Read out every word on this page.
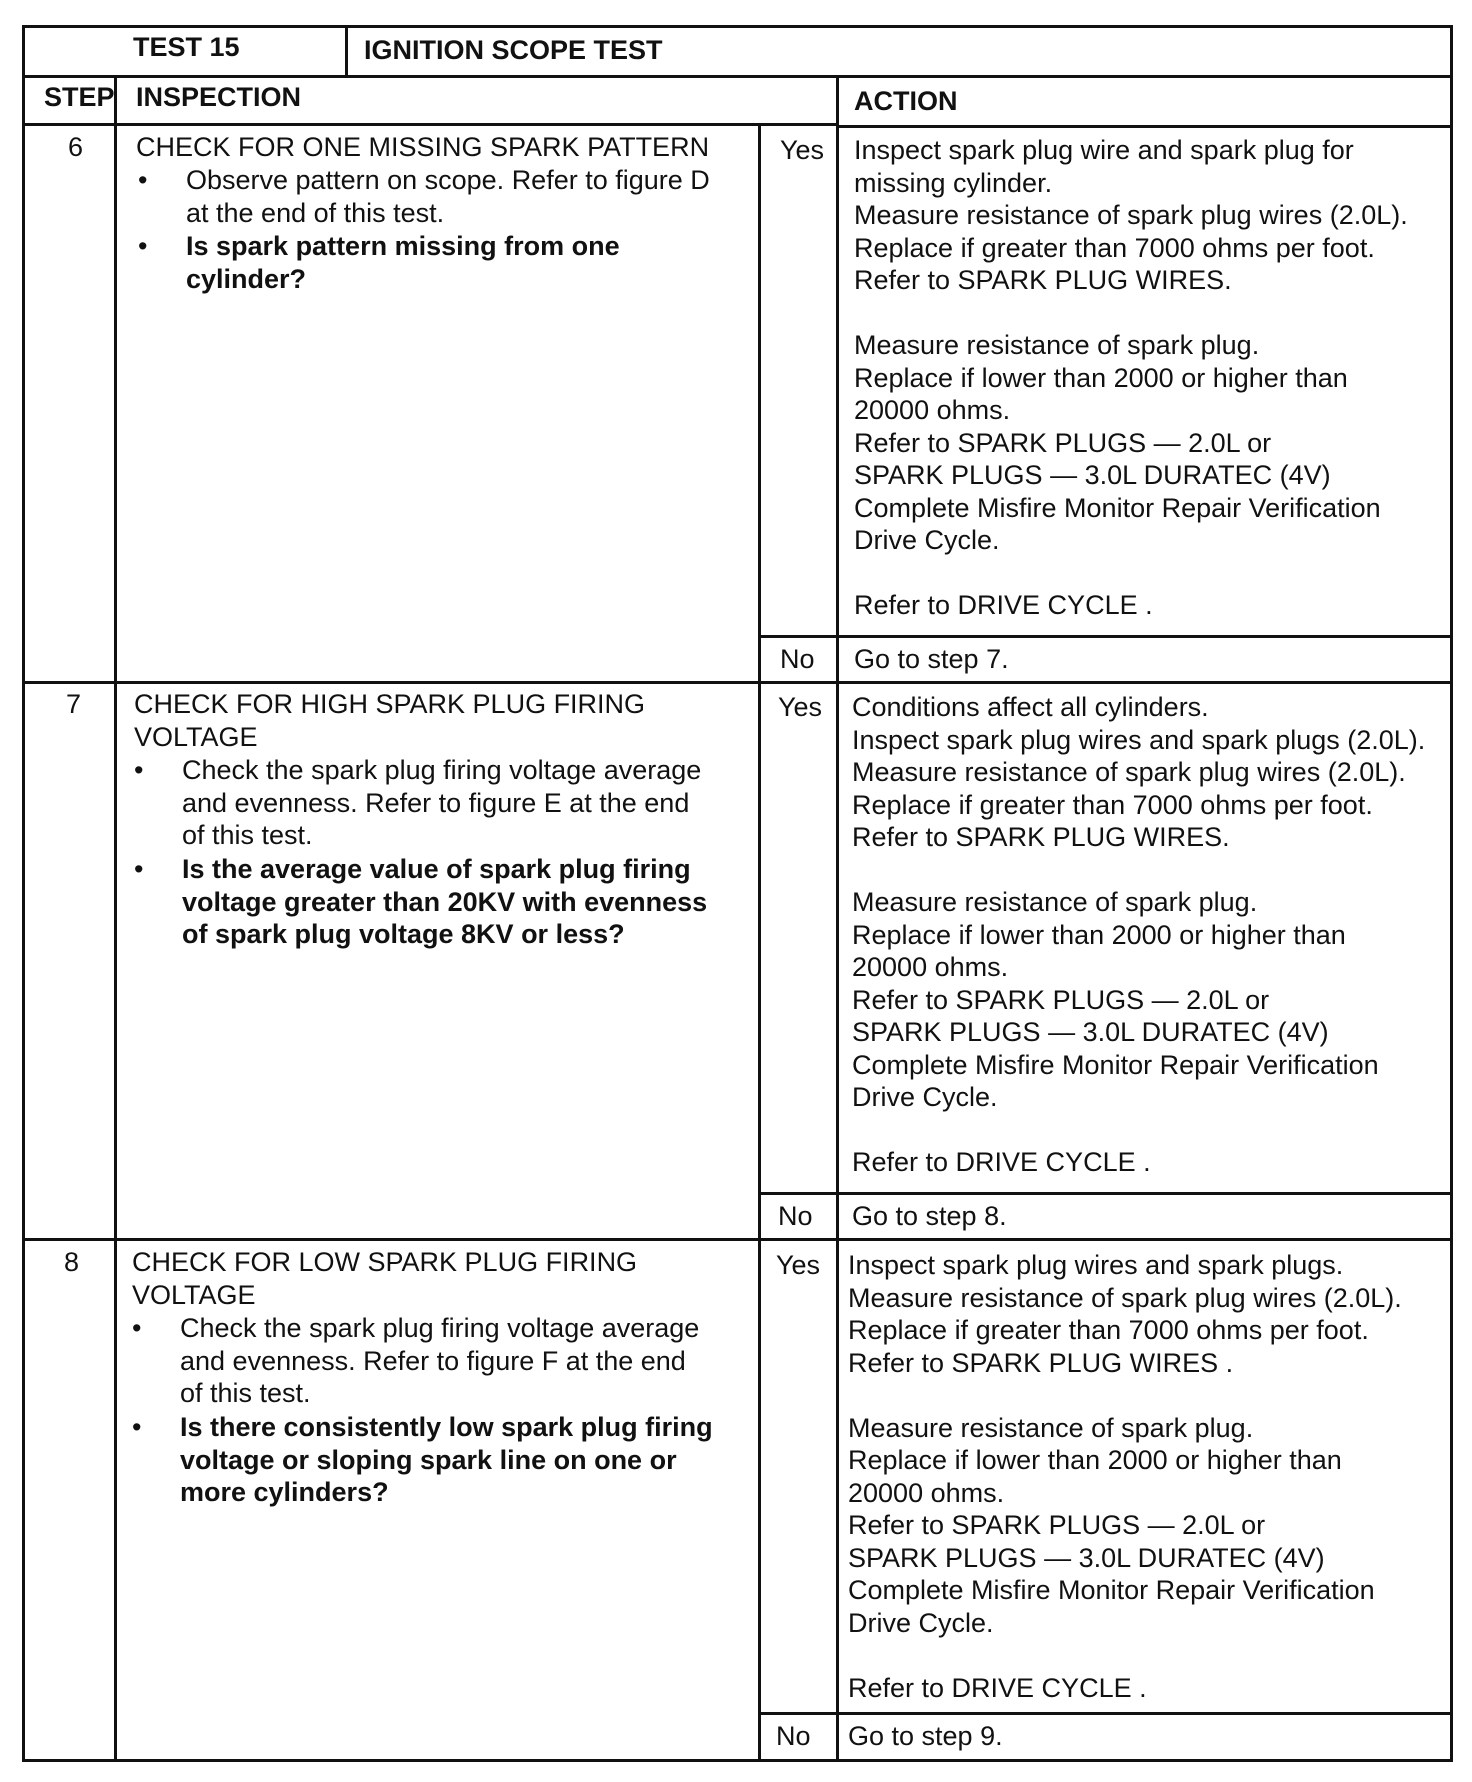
TEST 15	IGNITION SCOPE TEST
STEP INSPECTION	ACTION
6 CHECK FOR ONE MISSING SPARK PATTERN
• Observe pattern on scope. Refer to figure D
at the end of this test.
• Is spark pattern missing from one
cylinder?
Yes Inspect spark plug wire and spark plug for
missing cylinder.
Measure resistance of spark plug wires (2.0L).
Replace if greater than 7000 ohms per foot.
Refer to SPARK PLUG WIRES.
Measure resistance of spark plug.
Replace if lower than 2000 or higher than
20000 ohms.
Refer to SPARK PLUGS — 2.0L or
SPARK PLUGS — 3.0L DURATEC (4V)
Complete Misfire Monitor Repair Verification
Drive Cycle.
Refer to DRIVE CYCLE .
No Go to step 7.
7 CHECK FOR HIGH SPARK PLUG FIRING
VOLTAGE
• Check the spark plug firing voltage average
and evenness. Refer to figure E at the end
of this test.
• Is the average value of spark plug firing
voltage greater than 20KV with evenness
of spark plug voltage 8KV or less?
Yes Conditions affect all cylinders.
Inspect spark plug wires and spark plugs (2.0L).
Measure resistance of spark plug wires (2.0L).
Replace if greater than 7000 ohms per foot.
Refer to SPARK PLUG WIRES.
Measure resistance of spark plug.
Replace if lower than 2000 or higher than
20000 ohms.
Refer to SPARK PLUGS — 2.0L or
SPARK PLUGS — 3.0L DURATEC (4V)
Complete Misfire Monitor Repair Verification
Drive Cycle.
Refer to DRIVE CYCLE .
No Go to step 8.
8 CHECK FOR LOW SPARK PLUG FIRING
VOLTAGE
• Check the spark plug firing voltage average
and evenness. Refer to figure F at the end
of this test.
• Is there consistently low spark plug firing
voltage or sloping spark line on one or
more cylinders?
Yes Inspect spark plug wires and spark plugs.
Measure resistance of spark plug wires (2.0L).
Replace if greater than 7000 ohms per foot.
Refer to SPARK PLUG WIRES .
Measure resistance of spark plug.
Replace if lower than 2000 or higher than
20000 ohms.
Refer to SPARK PLUGS — 2.0L or
SPARK PLUGS — 3.0L DURATEC (4V)
Complete Misfire Monitor Repair Verification
Drive Cycle.
Refer to DRIVE CYCLE .
No Go to step 9.
